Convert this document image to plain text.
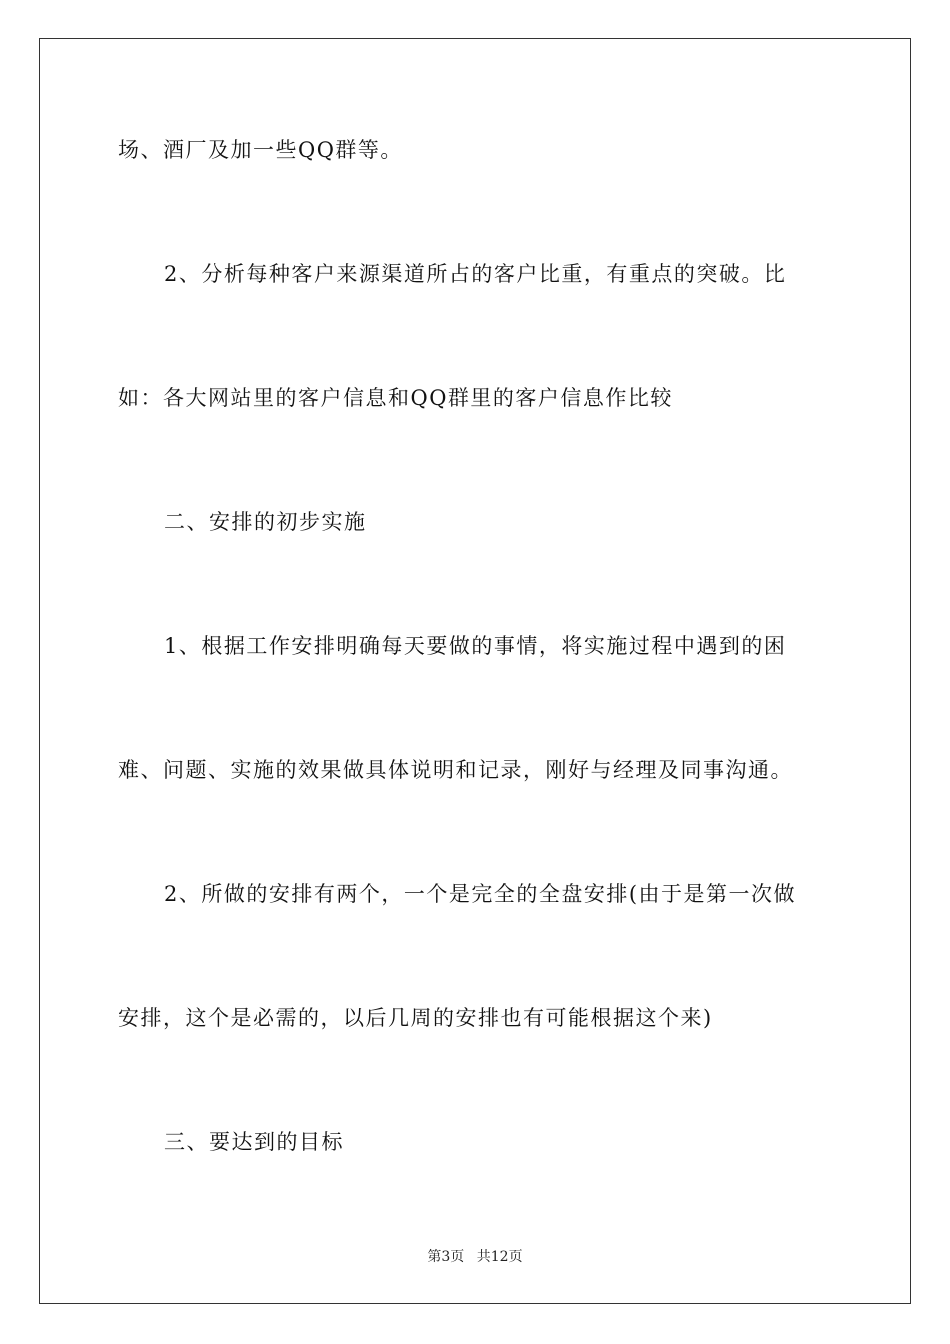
场、酒厂及加一些QQ群等。
2、分析每种客户来源渠道所占的客户比重，有重点的突破。比
如：各大网站里的客户信息和QQ群里的客户信息作比较
二、安排的初步实施
1、根据工作安排明确每天要做的事情，将实施过程中遇到的困
难、问题、实施的效果做具体说明和记录，刚好与经理及同事沟通。
2、所做的安排有两个，一个是完全的全盘安排(由于是第一次做
安排，这个是必需的，以后几周的安排也有可能根据这个来)
三、要达到的目标
第3页 共12页
